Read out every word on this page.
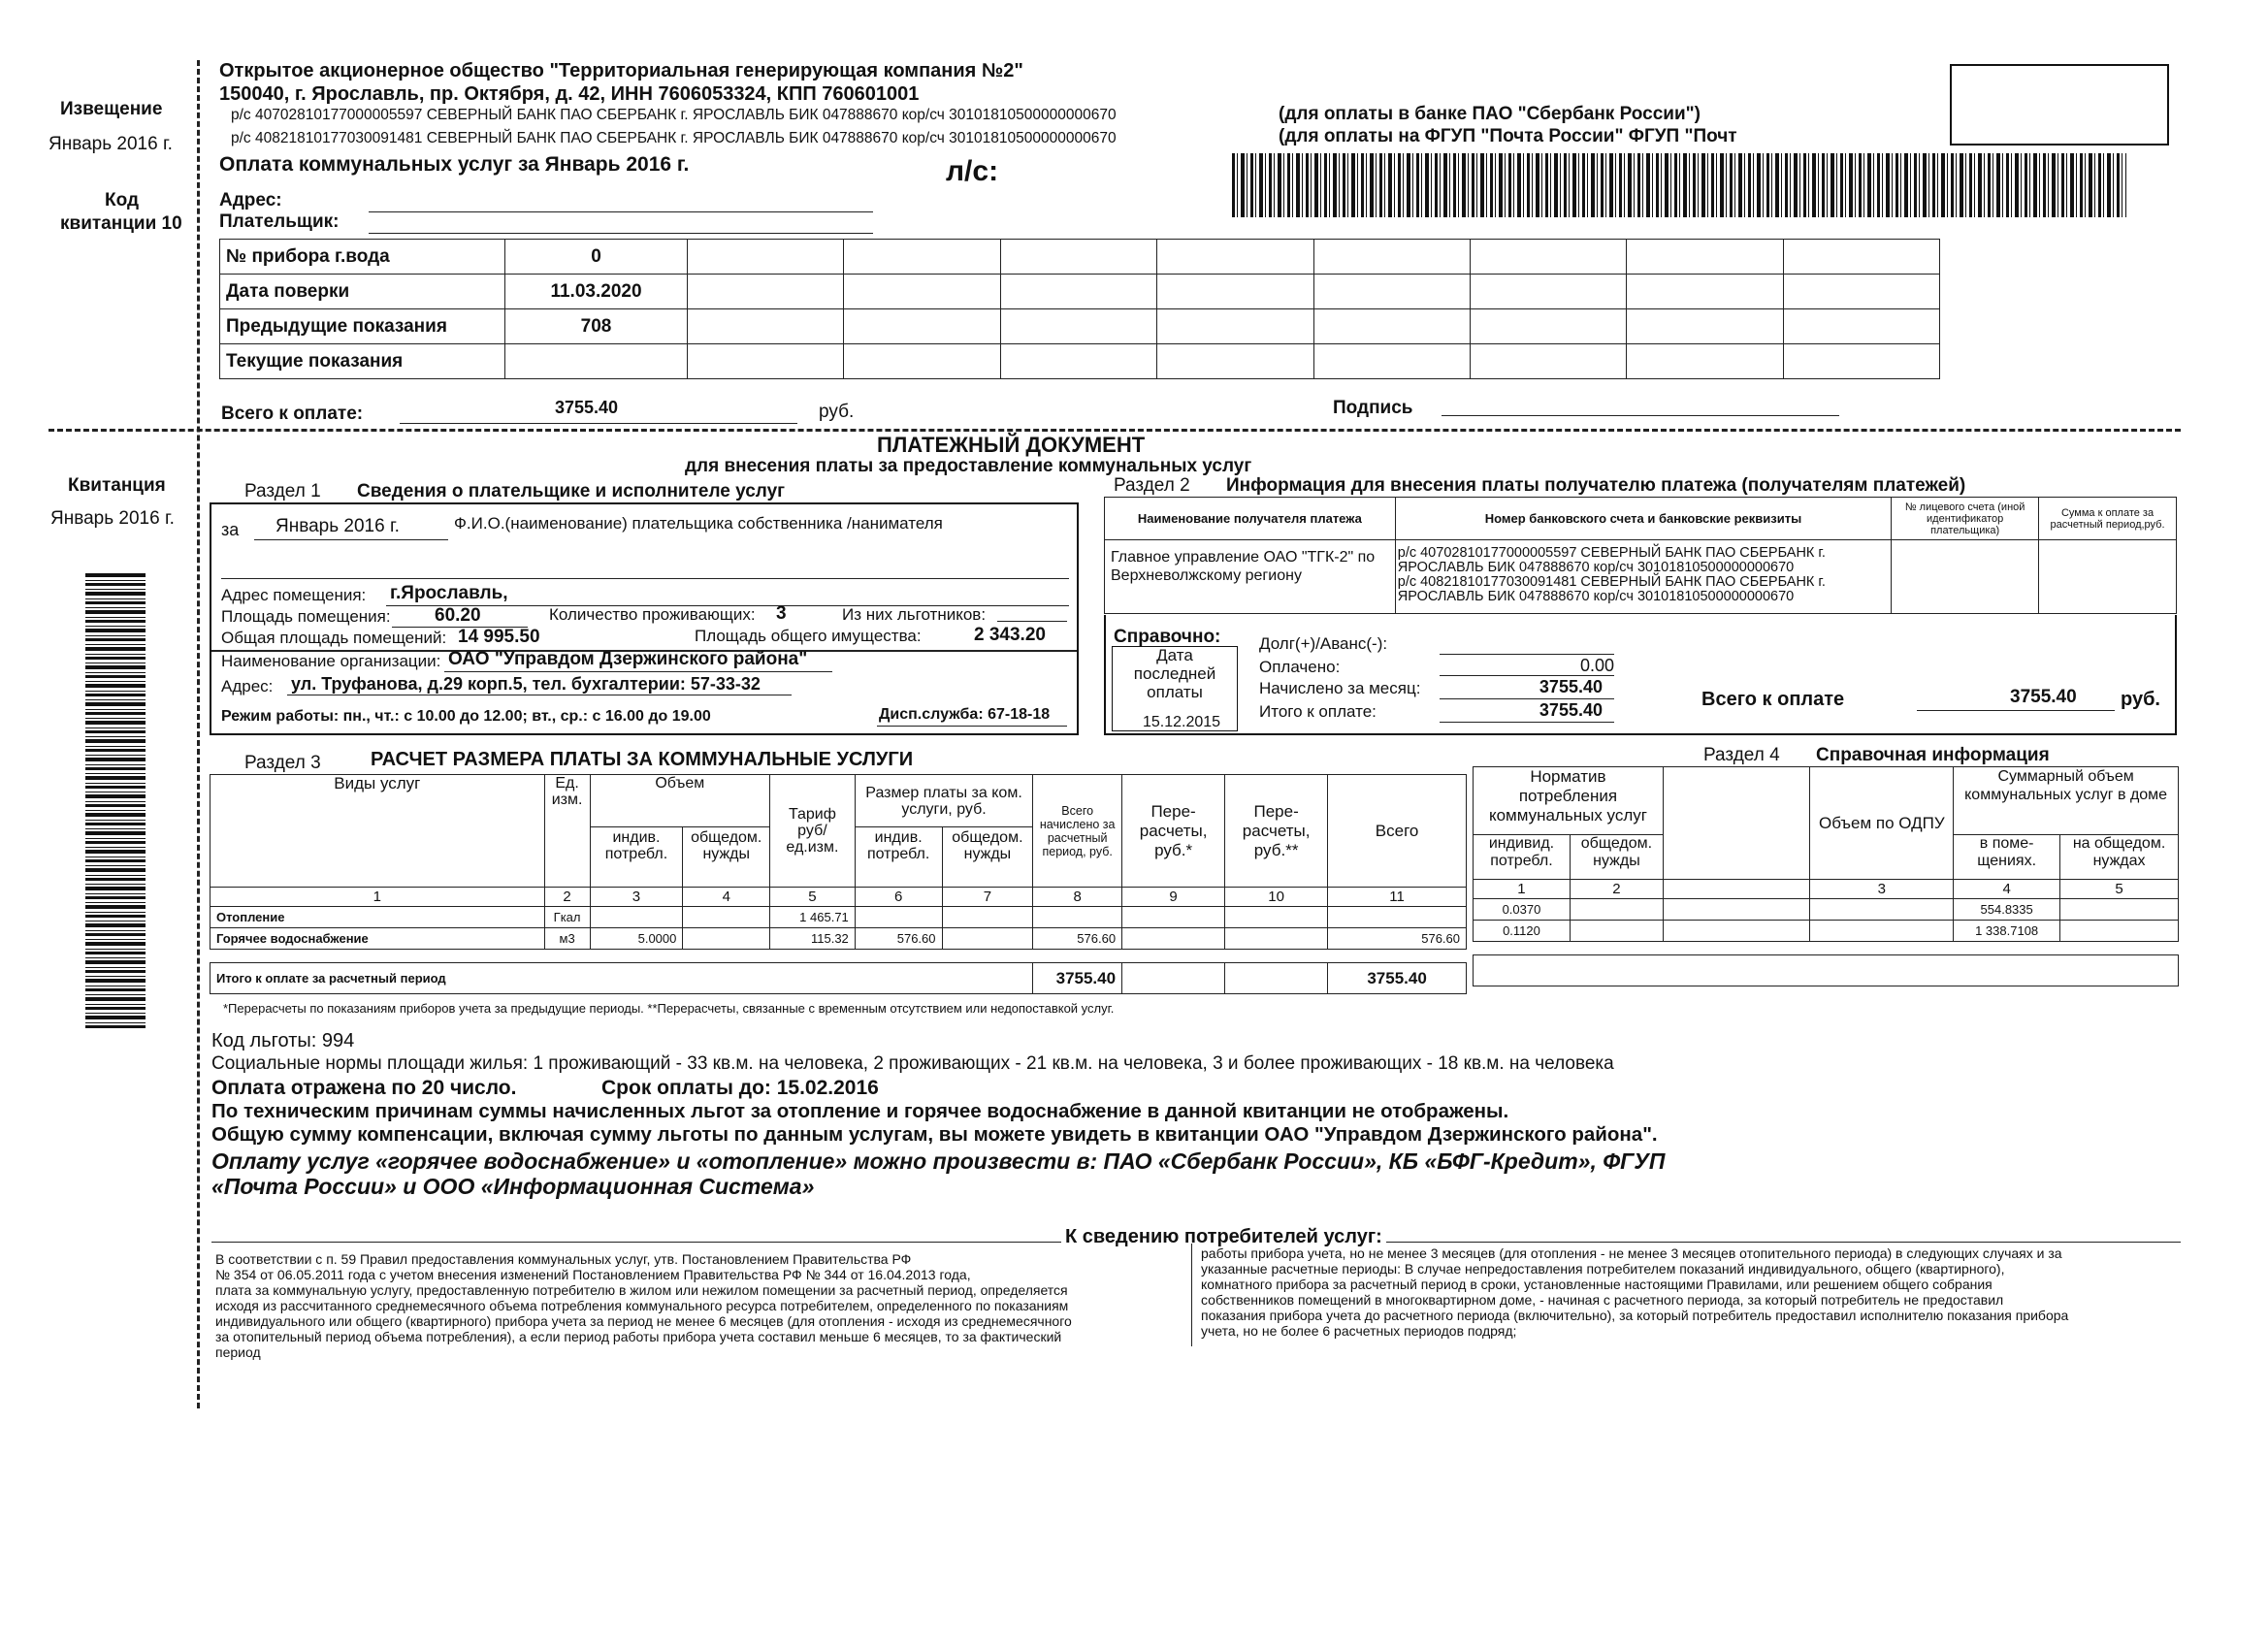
Извещение
Январь 2016 г.
Код
квитанции 10
Квитанция
Январь 2016 г.
Открытое акционерное общество "Территориальная генерирующая компания №2"
150040, г. Ярославль, пр. Октября, д. 42, ИНН 7606053324, КПП 760601001
р/с 40702810177000005597 СЕВЕРНЫЙ БАНК ПАО СБЕРБАНК г. ЯРОСЛАВЛЬ БИК 047888670 кор/сч 30101810500000000670	(для оплаты в банке ПАО "Сбербанк России")
р/с 40821810177030091481 СЕВЕРНЫЙ БАНК ПАО СБЕРБАНК г. ЯРОСЛАВЛЬ БИК 047888670 кор/сч 30101810500000000670	(для оплаты на ФГУП "Почта России" ФГУП "Почт
Оплата коммунальных услуг за Январь 2016 г.	л/с:
Адрес:
Плательщик:
№ прибора г.вода	0								
Дата поверки	11.03.2020								
Предыдущие показания	708								
Текущие показания									
Всего к оплате:	3755.40	руб.	Подпись
ПЛАТЕЖНЫЙ ДОКУМЕНТ
для внесения платы за предоставление коммунальных услуг
Раздел 1 Сведения о плательщике и исполнителе услуг
за Январь 2016 г.	Ф.И.О.(наименование) плательщика собственника /нанимателя
Адрес помещения: г.Ярославль,
Площадь помещения: 60.20	Количество проживающих: 3	Из них льготников:
Общая площадь помещений: 14 995.50	Площадь общего имущества:	2 343.20
Наименование организации: ОАО "Управдом Дзержинского района"
Адрес: ул. Труфанова, д.29 корп.5, тел. бухгалтерии: 57-33-32
Режим работы: пн., чт.: с 10.00 до 12.00; вт., ср.: с 16.00 до 19.00	Дисп.служба: 67-18-18
Раздел 2 Информация для внесения платы получателю платежа (получателям платежей)
Наименование получателя платежа	Номер банковского счета и банковские реквизиты	№ лицевого счета (иной идентификатор плательщика)	Сумма к оплате за расчетный период,руб.
Главное управление ОАО "ТГК-2" по Верхневолжскому региону	р/с 40702810177000005597 СЕВЕРНЫЙ БАНК ПАО СБЕРБАНК г. ЯРОСЛАВЛЬ БИК 047888670 кор/сч 30101810500000000670
р/с 40821810177030091481 СЕВЕРНЫЙ БАНК ПАО СБЕРБАНК г. ЯРОСЛАВЛЬ БИК 047888670 кор/сч 30101810500000000670		

Справочно:
Дата последней оплаты
15.12.2015
Долг(+)/Аванс(-):
Оплачено:	0.00
Начислено за месяц:	3755.40
Итого к оплате:	3755.40	Всего к оплате	3755.40 руб.
Раздел 3	РАСЧЕТ РАЗМЕРА ПЛАТЫ ЗА КОММУНАЛЬНЫЕ УСЛУГИ
Виды услуг	Ед. изм.	Объем		Тариф руб/ ед.изм.	Размер платы за ком. услуги, руб.		Всего начислено за расчетный период, руб.	Пере- расчеты, руб.*	Пере- расчеты, руб.**	Всего
		индив. потребл.	общедом. нужды		индив. потребл.	общедом. нужды				
1	2	3	4	5	6	7	8	9	10	11
Отопление	Гкал			1 465.71						
Горячее водоснабжение	м3	5.0000		115.32	576.60		576.60			576.60

Итого к оплате за расчетный период							3755.40			3755.40
*Перерасчеты по показаниям приборов учета за предыдущие периоды. **Перерасчеты, связанные с временным отсутствием или недопоставкой услуг.
Раздел 4 Справочная информация
Норматив потребления коммунальных услуг			Объем по ОДПУ	Суммарный объем коммунальных услуг в доме	
индивид. потребл.	общедом. нужды			в поме- щениях.	на общедом. нуждах
1	2		3	4	5
0.0370				554.8335	
0.1120				1 338.7108	

Код льготы: 994
Социальные нормы площади жилья: 1 проживающий - 33 кв.м. на человека, 2 проживающих - 21 кв.м. на человека, 3 и более проживающих - 18 кв.м. на человека
Оплата отражена по 20 число.	Срок оплаты до: 15.02.2016
По техническим причинам суммы начисленных льгот за отопление и горячее водоснабжение в данной квитанции не отображены.
Общую сумму компенсации, включая сумму льготы по данным услугам, вы можете увидеть в квитанции ОАО "Управдом Дзержинского района".
Оплату услуг «горячее водоснабжение» и «отопление» можно произвести в: ПАО «Сбербанк России», КБ «БФГ-Кредит», ФГУП
«Почта России» и ООО «Информационная Система»
К сведению потребителей услуг:
В соответствии с п. 59 Правил предоставления коммунальных услуг, утв. Постановлением Правительства РФ
№ 354 от 06.05.2011 года с учетом внесения изменений Постановлением Правительства РФ № 344 от 16.04.2013 года,
плата за коммунальную услугу, предоставленную потребителю в жилом или нежилом помещении за расчетный период, определяется
исходя из рассчитанного среднемесячного объема потребления коммунального ресурса потребителем, определенного по показаниям
индивидуального или общего (квартирного) прибора учета за период не менее 6 месяцев (для отопления - исходя из среднемесячного
за отопительный период объема потребления), а если период работы прибора учета составил меньше 6 месяцев, то за фактический
период
работы прибора учета, но не менее 3 месяцев (для отопления - не менее 3 месяцев отопительного периода) в следующих случаях и за
указанные расчетные периоды: В случае непредоставления потребителем показаний индивидуального, общего (квартирного),
комнатного прибора за расчетный период в сроки, установленные настоящими Правилами, или решением общего собрания
собственников помещений в многоквартирном доме, - начиная с расчетного периода, за который потребитель не предоставил
показания прибора учета до расчетного периода (включительно), за который потребитель предоставил исполнителю показания прибора
учета, но не более 6 расчетных периодов подряд;
